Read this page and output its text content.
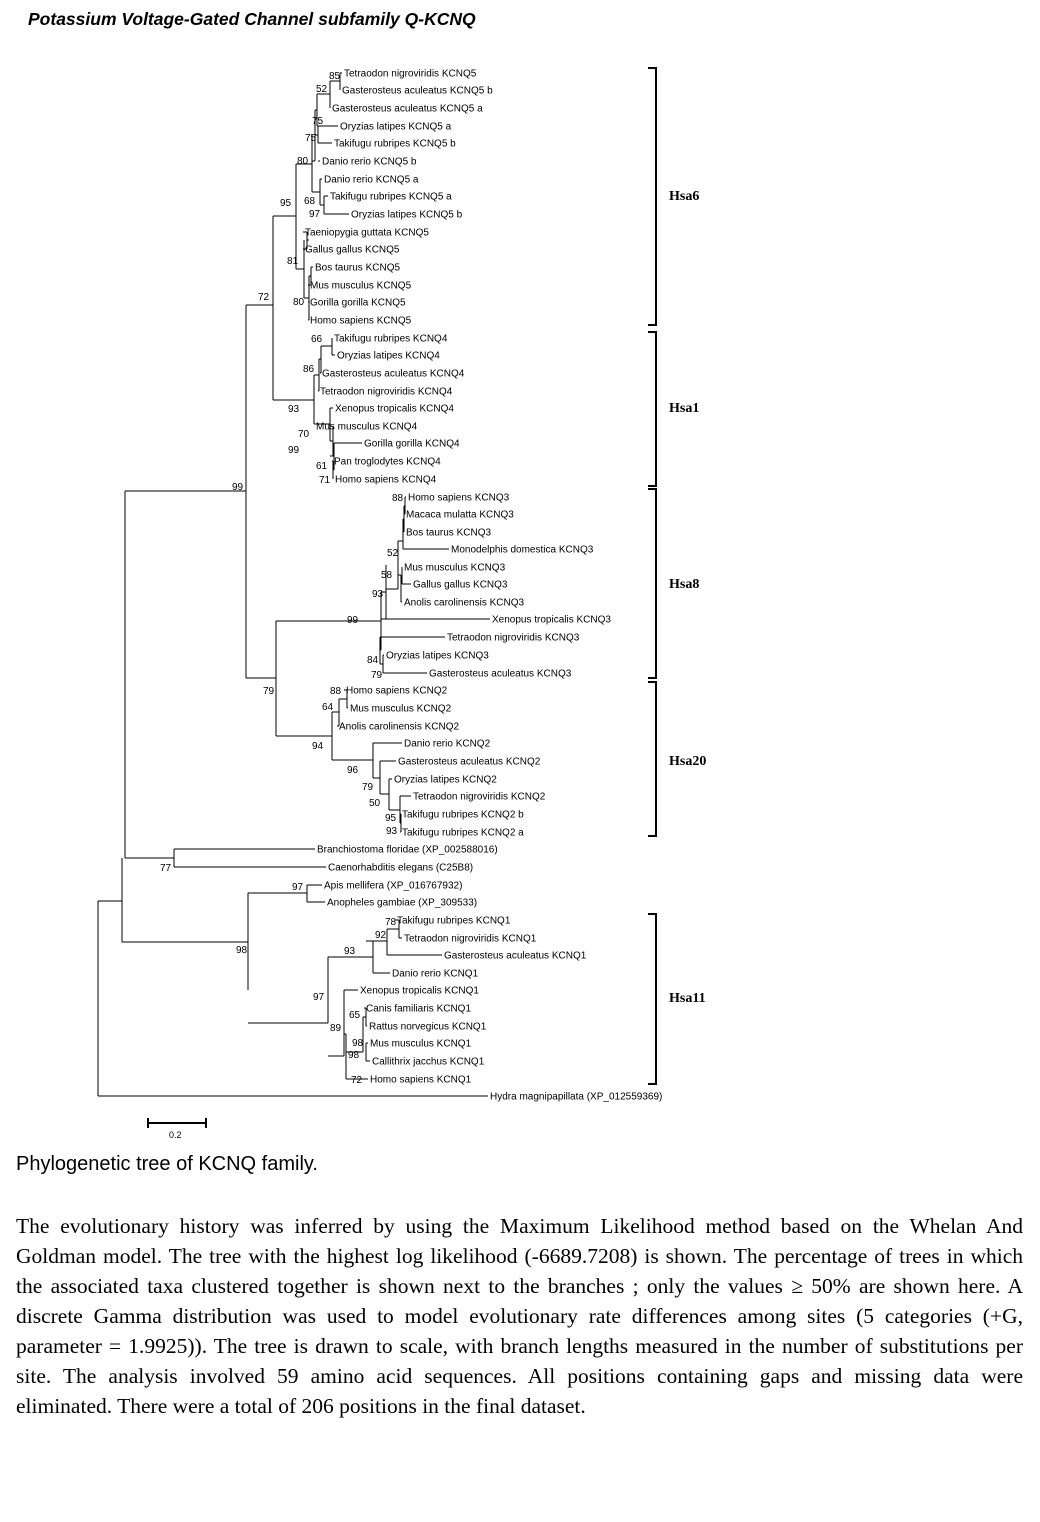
Potassium Voltage-Gated Channel subfamily Q-KCNQ
Tetraodon nigroviridis KCNQ5
Gasterosteus aculeatus KCNQ5 b
Gasterosteus aculeatus KCNQ5 a
Oryzias latipes KCNQ5 a
Takifugu rubripes KCNQ5 b
Danio rerio KCNQ5 b
Danio rerio KCNQ5 a
Takifugu rubripes KCNQ5 a
Oryzias latipes KCNQ5 b
Taeniopygia guttata KCNQ5
Gallus gallus KCNQ5
Bos taurus KCNQ5
Mus musculus KCNQ5
Gorilla gorilla KCNQ5
Homo sapiens KCNQ5
Takifugu rubripes KCNQ4
Oryzias latipes KCNQ4
Gasterosteus aculeatus KCNQ4
Tetraodon nigroviridis KCNQ4
Xenopus tropicalis KCNQ4
Mus musculus KCNQ4
Gorilla gorilla KCNQ4
Pan troglodytes KCNQ4
Homo sapiens KCNQ4
Homo sapiens KCNQ3
Macaca mulatta KCNQ3
Bos taurus KCNQ3
Monodelphis domestica KCNQ3
Mus musculus KCNQ3
Gallus gallus KCNQ3
Anolis carolinensis KCNQ3
Xenopus tropicalis KCNQ3
Tetraodon nigroviridis KCNQ3
Oryzias latipes KCNQ3
Gasterosteus aculeatus KCNQ3
Homo sapiens KCNQ2
Mus musculus KCNQ2
Anolis carolinensis KCNQ2
Danio rerio KCNQ2
Gasterosteus aculeatus KCNQ2
Oryzias latipes KCNQ2
Tetraodon nigroviridis KCNQ2
Takifugu rubripes KCNQ2 b
Takifugu rubripes KCNQ2 a
Branchiostoma floridae (XP_002588016)
Caenorhabditis elegans (C25B8)
Apis mellifera (XP_016767932)
Anopheles gambiae (XP_309533)
Takifugu rubripes KCNQ1
Tetraodon nigroviridis KCNQ1
Gasterosteus aculeatus KCNQ1
Danio rerio KCNQ1
Xenopus tropicalis KCNQ1
Canis familiaris KCNQ1
Rattus norvegicus KCNQ1
Mus musculus KCNQ1
Callithrix jacchus KCNQ1
Homo sapiens KCNQ1
Hydra magnipapillata (XP_012559369)
85
52
75
75
80
68
97
95
81
80
72
66
86
93
70
99
61
71
99
88
52
58
93
99
84
79
79	88
64
94
96
79
50
95
93
77
97
98
78
92
93
97
65
89
98
98
72
Hsa6
Hsa1
Hsa8
Hsa20
Hsa11
0.2
Phylogenetic tree of KCNQ family.
The evolutionary history was inferred by using the Maximum Likelihood method based on the Whelan And Goldman model. The tree with the highest log likelihood (-6689.7208) is shown. The percentage of trees in which the associated taxa clustered together is shown next to the branches ; only the values ≥ 50% are shown here. A discrete Gamma distribution was used to model evolutionary rate differences among sites (5 categories (+G, parameter = 1.9925)). The tree is drawn to scale, with branch lengths measured in the number of substitutions per site. The analysis involved 59 amino acid sequences. All positions containing gaps and missing data were eliminated. There were a total of 206 positions in the final dataset.
